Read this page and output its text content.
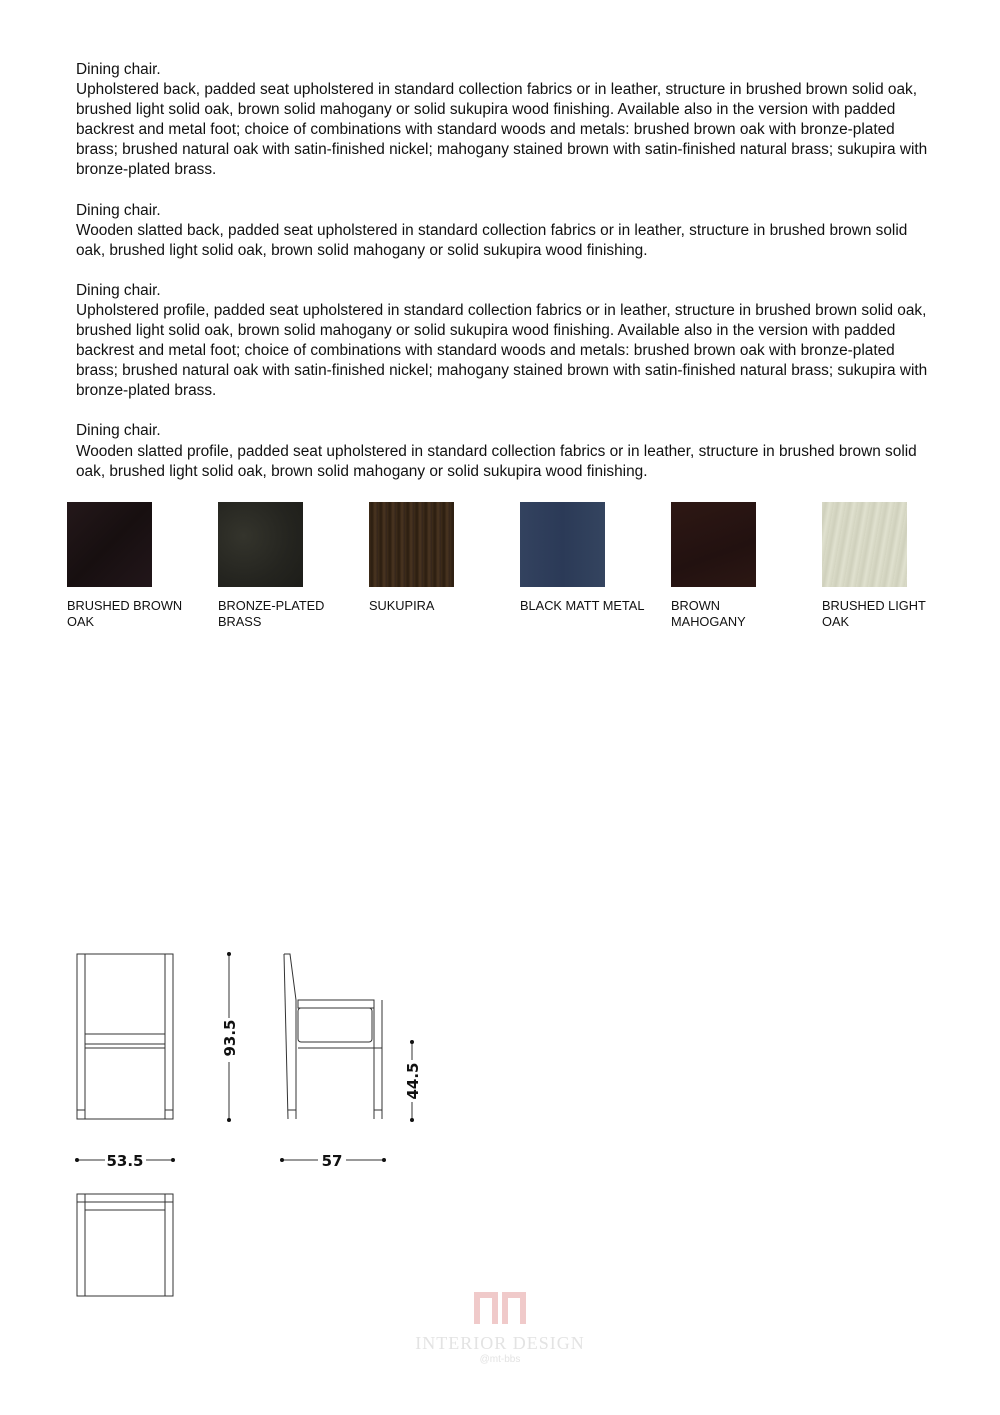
Dining chair.

Upholstered back, padded seat upholstered in standard collection fabrics or in leather, structure in brushed brown solid oak, brushed light solid oak, brown solid mahogany or solid sukupira wood finishing. Available also in the version with padded backrest and metal foot; choice of combinations with standard woods and metals: brushed brown oak with bronze-plated brass; brushed natural oak with satin-finished nickel; mahogany stained brown with satin-finished natural brass; sukupira with bronze-plated brass.

Dining chair.

Wooden slatted back, padded seat upholstered in standard collection fabrics or in leather, structure in brushed brown solid oak, brushed light solid oak, brown solid mahogany or solid sukupira wood finishing.

Dining chair.

Upholstered profile, padded seat upholstered in standard collection fabrics or in leather, structure in brushed brown solid oak, brushed light solid oak, brown solid mahogany or solid sukupira wood finishing. Available also in the version with padded backrest and metal foot; choice of combinations with standard woods and metals: brushed brown oak with bronze-plated brass; brushed natural oak with satin-finished nickel; mahogany stained brown with satin-finished natural brass; sukupira with bronze-plated brass.

Dining chair.

Wooden slatted profile, padded seat upholstered in standard collection fabrics or in leather, structure in brushed brown solid oak, brushed light solid oak, brown solid mahogany or solid sukupira wood finishing.

BRUSHED BROWN OAK
BRONZE-PLATED BRASS
SUKUPIRA	BLACK MATT METAL BROWN MAHOGANY
BRUSHED LIGHT OAK
93.5
44.5
53.5	57
INTERIOR DESIGN
@mt-bbs
